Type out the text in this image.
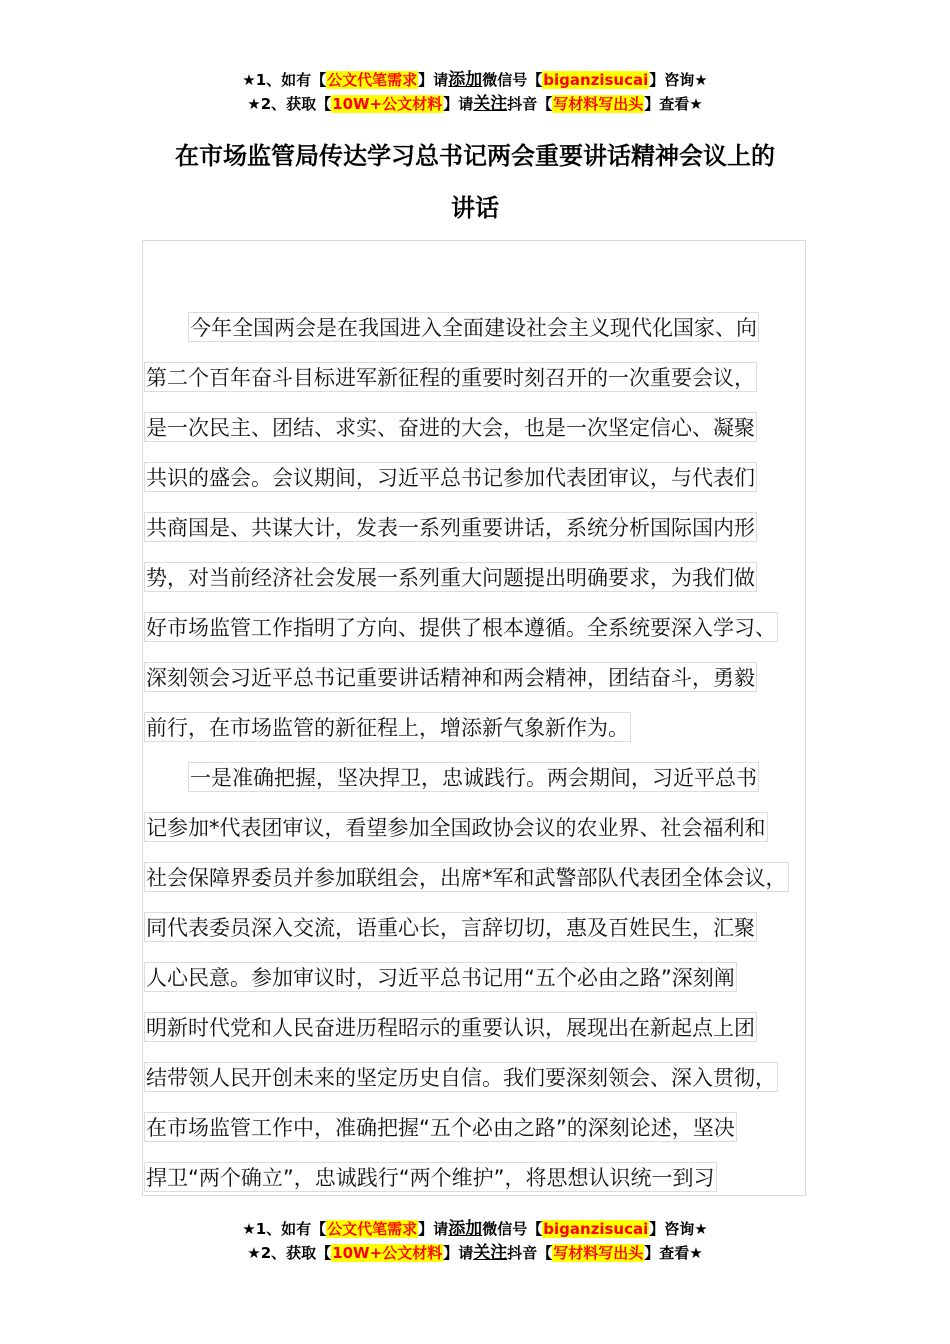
★1、如有【公文代笔需求】请添加微信号【biganzisucai】咨询★
★2、获取【10W+公文材料】请关注抖音【写材料写出头】查看★
在市场监管局传达学习总书记两会重要讲话精神会议上的
讲话
今年全国两会是在我国进入全面建设社会主义现代化国家、向
第二个百年奋斗目标进军新征程的重要时刻召开的一次重要会议，
是一次民主、团结、求实、奋进的大会，也是一次坚定信心、凝聚
共识的盛会。会议期间，习近平总书记参加代表团审议，与代表们
共商国是、共谋大计，发表一系列重要讲话，系统分析国际国内形
势，对当前经济社会发展一系列重大问题提出明确要求，为我们做
好市场监管工作指明了方向、提供了根本遵循。全系统要深入学习、
深刻领会习近平总书记重要讲话精神和两会精神，团结奋斗，勇毅
前行，在市场监管的新征程上，增添新气象新作为。
一是准确把握，坚决捍卫，忠诚践行。两会期间，习近平总书
记参加*代表团审议，看望参加全国政协会议的农业界、社会福利和
社会保障界委员并参加联组会，出席*军和武警部队代表团全体会议，
同代表委员深入交流，语重心长，言辞切切，惠及百姓民生，汇聚
人心民意。参加审议时，习近平总书记用“五个必由之路”深刻阐
明新时代党和人民奋进历程昭示的重要认识，展现出在新起点上团
结带领人民开创未来的坚定历史自信。我们要深刻领会、深入贯彻，
在市场监管工作中，准确把握“五个必由之路”的深刻论述，坚决
捍卫“两个确立”，忠诚践行“两个维护”，将思想认识统一到习
★1、如有【公文代笔需求】请添加微信号【biganzisucai】咨询★
★2、获取【10W+公文材料】请关注抖音【写材料写出头】查看★
